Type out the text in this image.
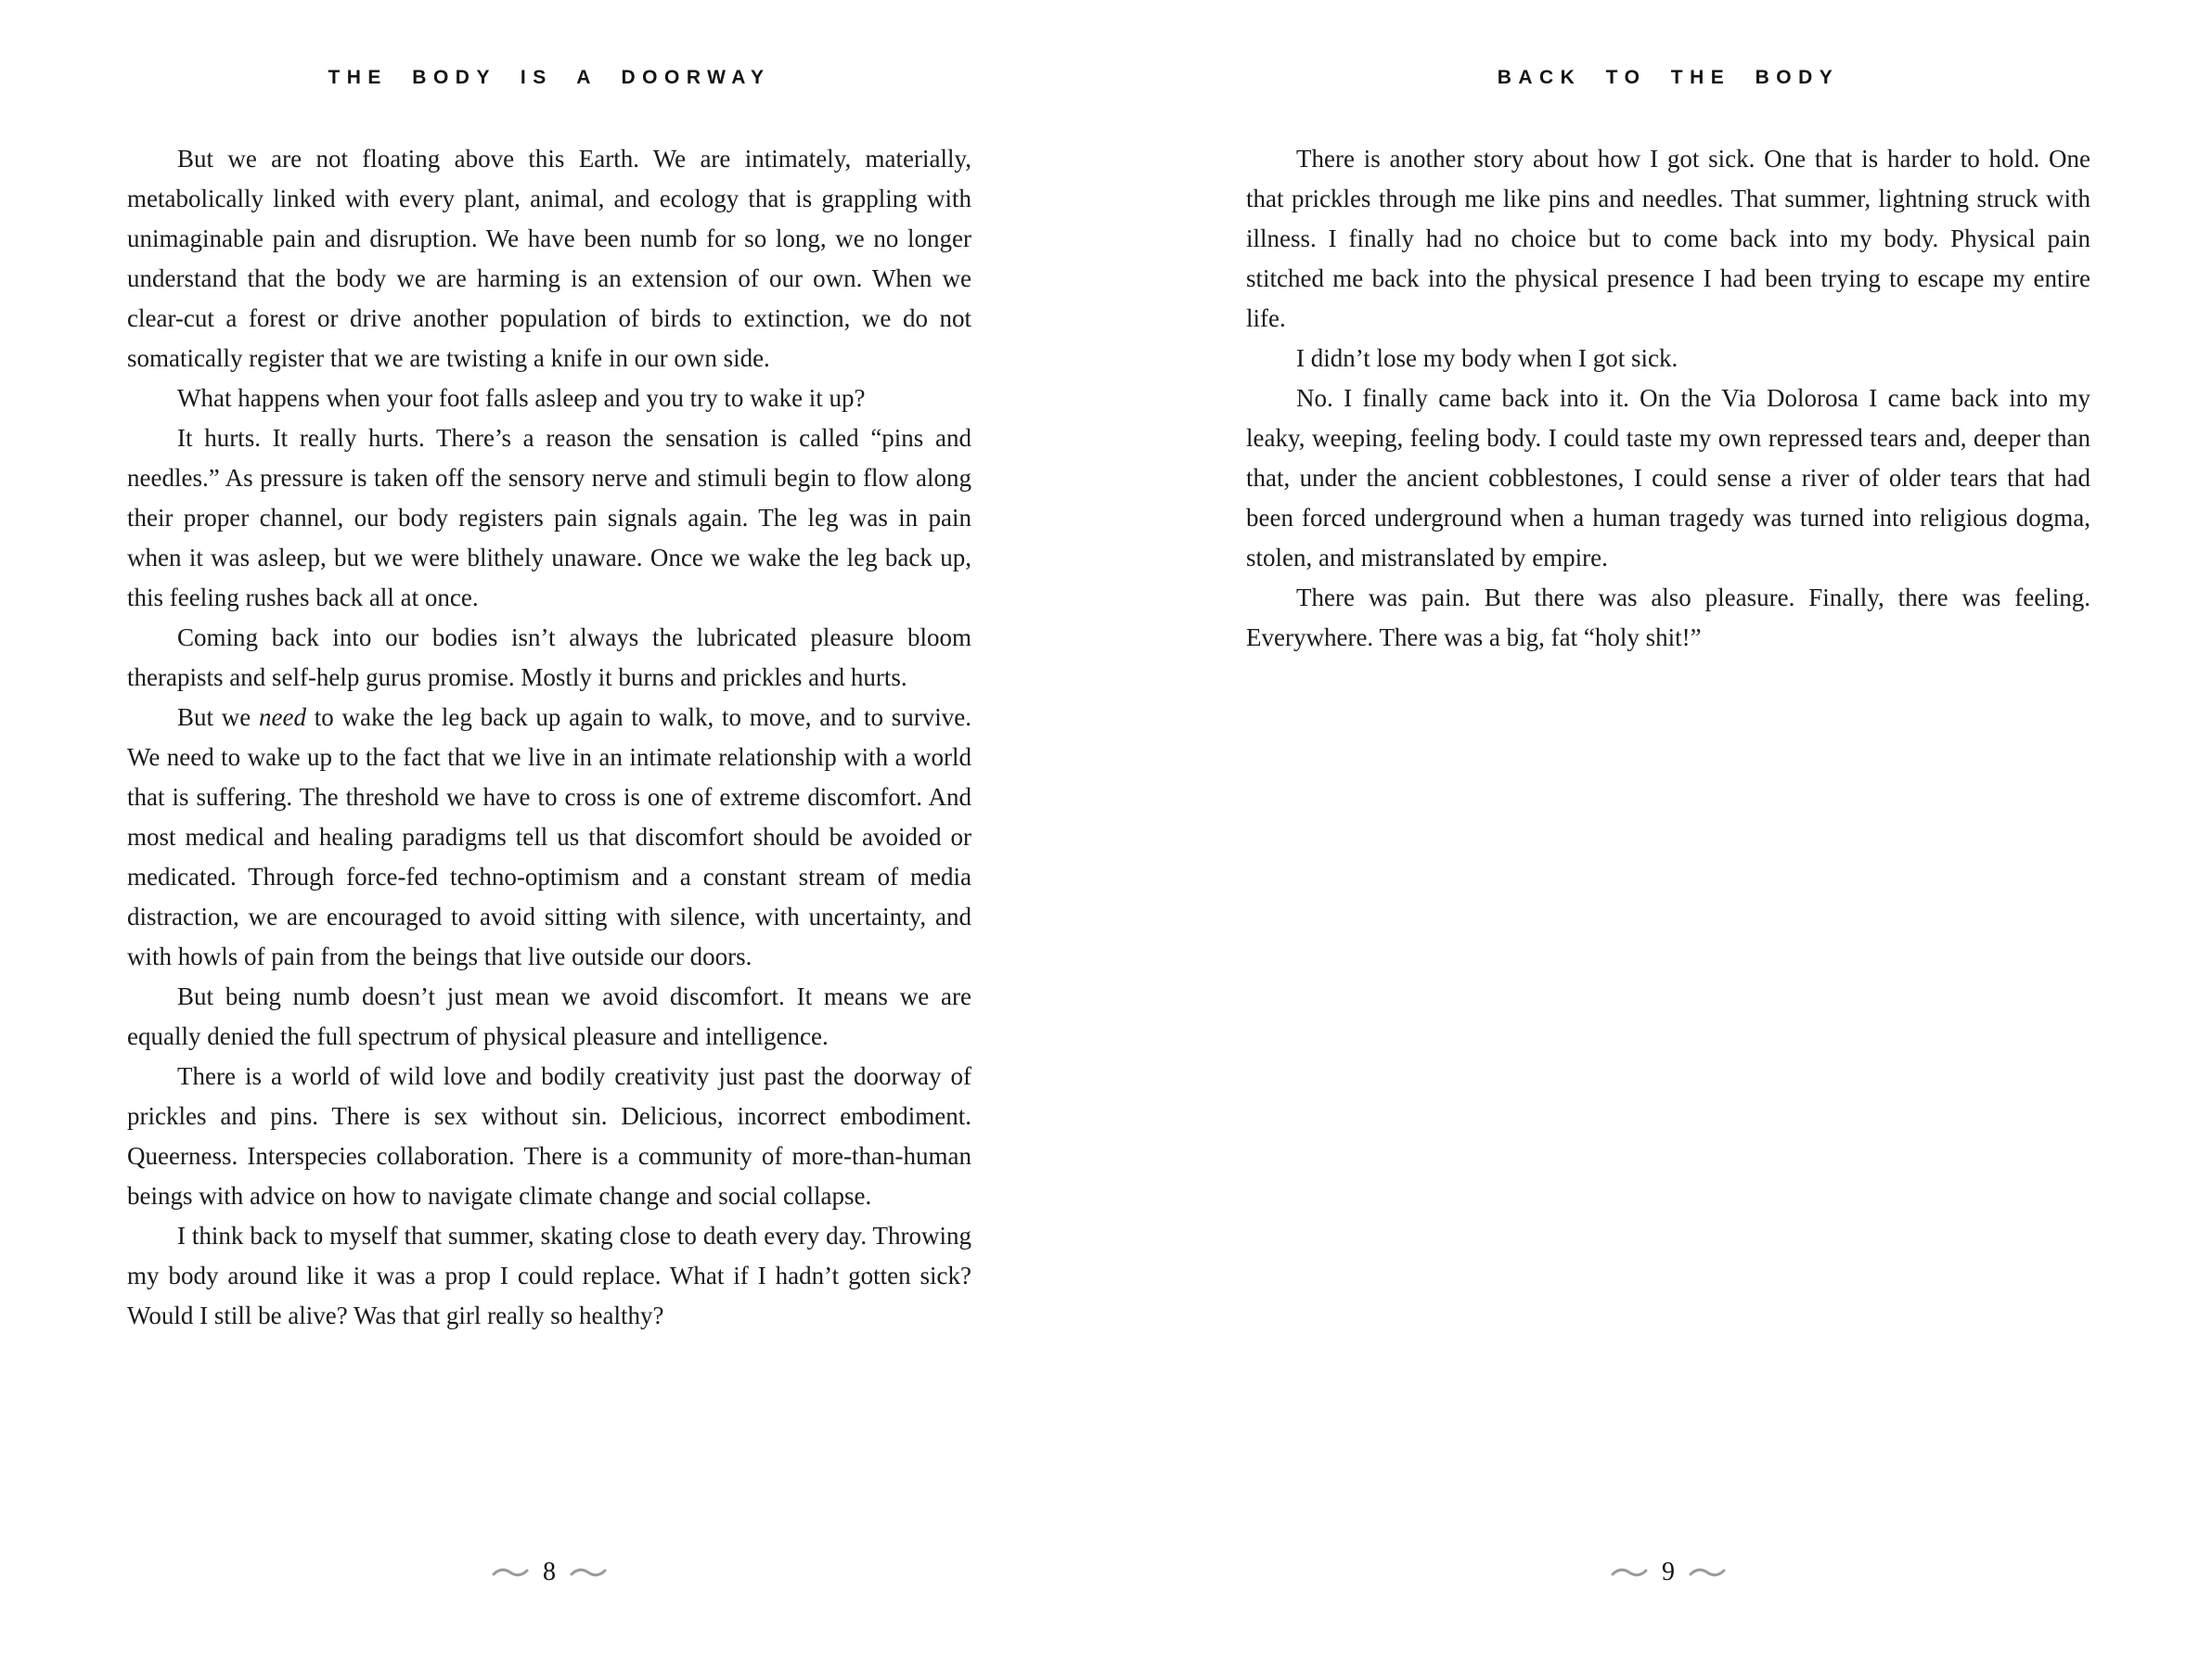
THE BODY IS A DOORWAY

But we are not floating above this Earth. We are intimately, materially, metabolically linked with every plant, animal, and ecology that is grappling with unimaginable pain and disruption. We have been numb for so long, we no longer understand that the body we are harming is an extension of our own. When we clear-cut a forest or drive another population of birds to extinction, we do not somatically register that we are twisting a knife in our own side.

What happens when your foot falls asleep and you try to wake it up?

It hurts. It really hurts. There’s a reason the sensation is called “pins and needles.” As pressure is taken off the sensory nerve and stimuli begin to flow along their proper channel, our body registers pain signals again. The leg was in pain when it was asleep, but we were blithely unaware. Once we wake the leg back up, this feeling rushes back all at once.

Coming back into our bodies isn’t always the lubricated pleasure bloom therapists and self-help gurus promise. Mostly it burns and prickles and hurts.

But we need to wake the leg back up again to walk, to move, and to survive. We need to wake up to the fact that we live in an intimate relationship with a world that is suffering. The threshold we have to cross is one of extreme discomfort. And most medical and healing paradigms tell us that discomfort should be avoided or medicated. Through force-fed techno-optimism and a constant stream of media distraction, we are encouraged to avoid sitting with silence, with uncertainty, and with howls of pain from the beings that live outside our doors.

But being numb doesn’t just mean we avoid discomfort. It means we are equally denied the full spectrum of physical pleasure and intelligence.

There is a world of wild love and bodily creativity just past the doorway of prickles and pins. There is sex without sin. Delicious, incorrect embodiment. Queerness. Interspecies collaboration. There is a community of more-than-human beings with advice on how to navigate climate change and social collapse.

I think back to myself that summer, skating close to death every day. Throwing my body around like it was a prop I could replace. What if I hadn’t gotten sick? Would I still be alive? Was that girl really so healthy?

8
BACK TO THE BODY

There is another story about how I got sick. One that is harder to hold. One that prickles through me like pins and needles. That summer, lightning struck with illness. I finally had no choice but to come back into my body. Physical pain stitched me back into the physical presence I had been trying to escape my entire life.

I didn’t lose my body when I got sick.

No. I finally came back into it. On the Via Dolorosa I came back into my leaky, weeping, feeling body. I could taste my own repressed tears and, deeper than that, under the ancient cobblestones, I could sense a river of older tears that had been forced underground when a human tragedy was turned into religious dogma, stolen, and mistranslated by empire.

There was pain. But there was also pleasure. Finally, there was feeling. Everywhere. There was a big, fat “holy shit!”

9
